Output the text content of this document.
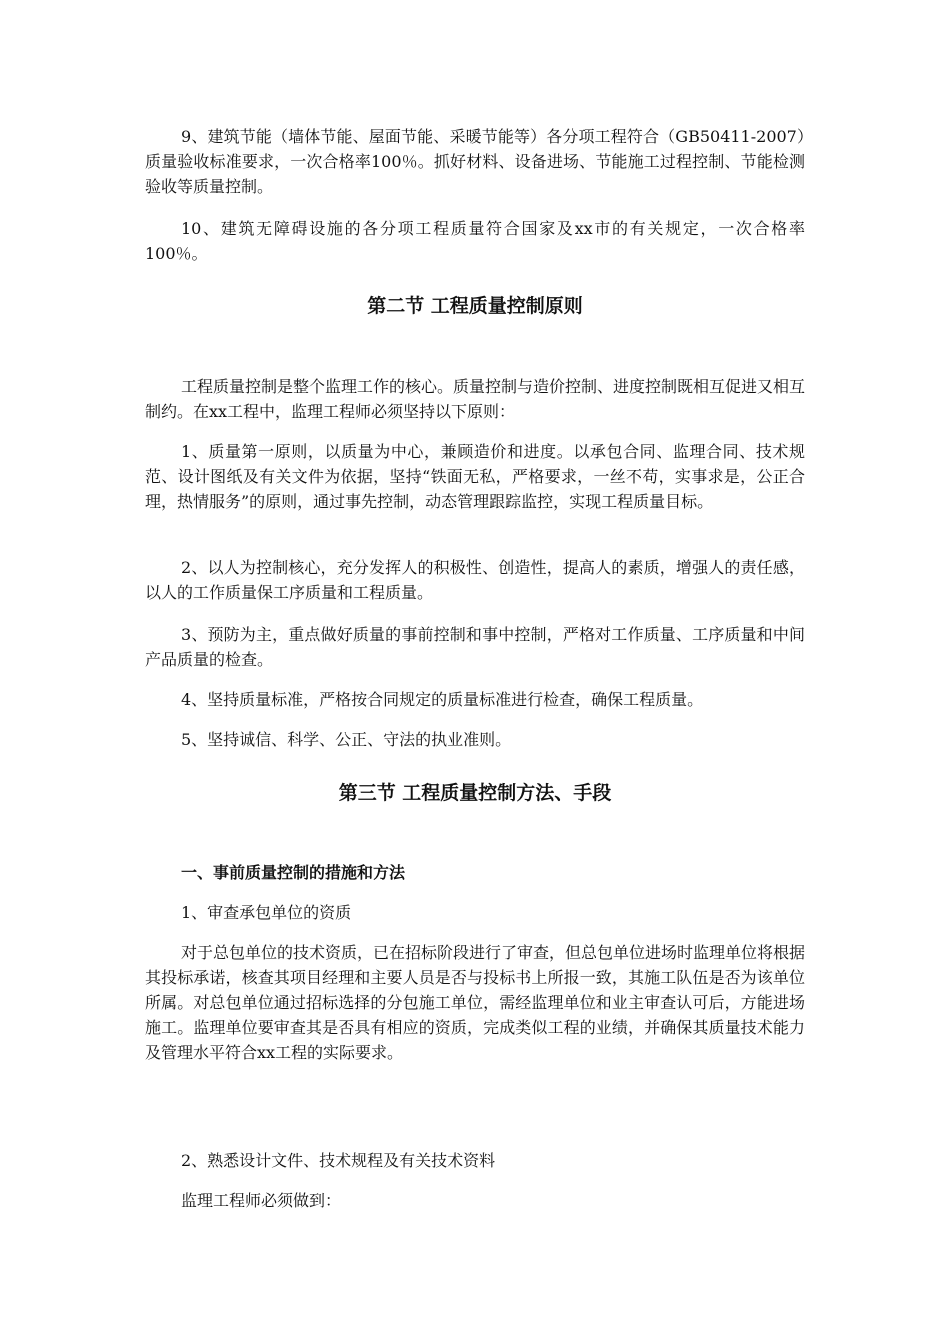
9、建筑节能（墙体节能、屋面节能、采暖节能等）各分项工程符合（GB50411-2007）质量验收标准要求，一次合格率100％。抓好材料、设备进场、节能施工过程控制、节能检测验收等质量控制。

10、建筑无障碍设施的各分项工程质量符合国家及xx市的有关规定，一次合格率100％。

第二节 工程质量控制原则

工程质量控制是整个监理工作的核心。质量控制与造价控制、进度控制既相互促进又相互制约。在xx工程中，监理工程师必须坚持以下原则：

1、质量第一原则，以质量为中心，兼顾造价和进度。以承包合同、监理合同、技术规范、设计图纸及有关文件为依据，坚持“铁面无私，严格要求，一丝不苟，实事求是，公正合理，热情服务”的原则，通过事先控制，动态管理跟踪监控，实现工程质量目标。

2、以人为控制核心，充分发挥人的积极性、创造性，提高人的素质，增强人的责任感，以人的工作质量保工序质量和工程质量。

3、预防为主，重点做好质量的事前控制和事中控制，严格对工作质量、工序质量和中间产品质量的检查。

4、坚持质量标准，严格按合同规定的质量标准进行检查，确保工程质量。

5、坚持诚信、科学、公正、守法的执业准则。

第三节 工程质量控制方法、手段

一、事前质量控制的措施和方法

1、审查承包单位的资质

对于总包单位的技术资质，已在招标阶段进行了审查，但总包单位进场时监理单位将根据其投标承诺，核查其项目经理和主要人员是否与投标书上所报一致，其施工队伍是否为该单位所属。对总包单位通过招标选择的分包施工单位，需经监理单位和业主审查认可后，方能进场施工。监理单位要审查其是否具有相应的资质，完成类似工程的业绩，并确保其质量技术能力及管理水平符合xx工程的实际要求。

2、熟悉设计文件、技术规程及有关技术资料

监理工程师必须做到：
